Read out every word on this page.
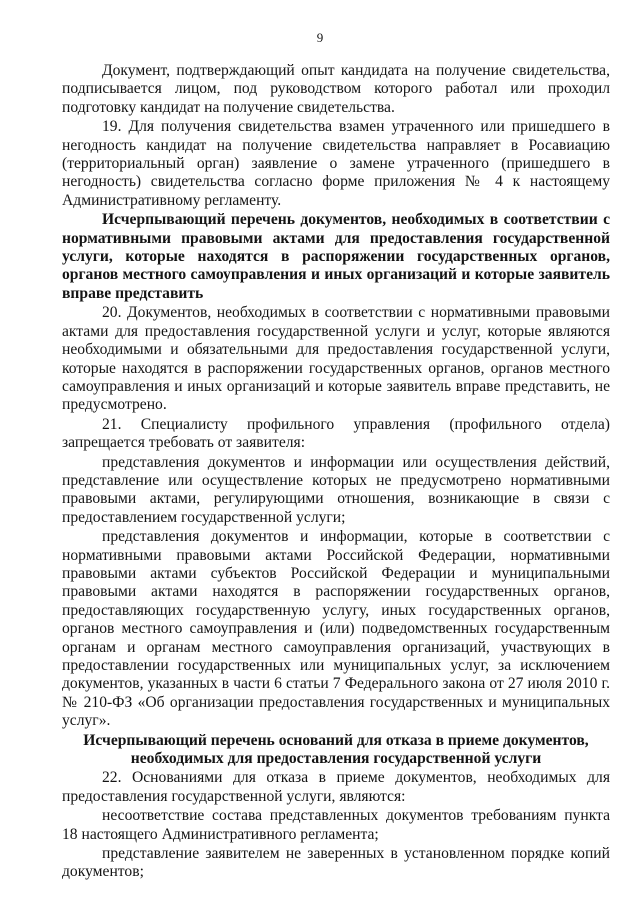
9

Документ, подтверждающий опыт кандидата на получение свидетельства, подписывается лицом, под руководством которого работал или проходил подготовку кандидат на получение свидетельства.

19. Для получения свидетельства взамен утраченного или пришедшего в негодность кандидат на получение свидетельства направляет в Росавиацию (территориальный орган) заявление о замене утраченного (пришедшего в негодность) свидетельства согласно форме приложения № 4 к настоящему Административному регламенту.

Исчерпывающий перечень документов, необходимых в соответствии с нормативными правовыми актами для предоставления государственной услуги, которые находятся в распоряжении государственных органов, органов местного самоуправления и иных организаций и которые заявитель вправе представить

20. Документов, необходимых в соответствии с нормативными правовыми актами для предоставления государственной услуги и услуг, которые являются необходимыми и обязательными для предоставления государственной услуги, которые находятся в распоряжении государственных органов, органов местного самоуправления и иных организаций и которые заявитель вправе представить, не предусмотрено.

21. Специалисту профильного управления (профильного отдела) запрещается требовать от заявителя:

представления документов и информации или осуществления действий, представление или осуществление которых не предусмотрено нормативными правовыми актами, регулирующими отношения, возникающие в связи с предоставлением государственной услуги;

представления документов и информации, которые в соответствии с нормативными правовыми актами Российской Федерации, нормативными правовыми актами субъектов Российской Федерации и муниципальными правовыми актами находятся в распоряжении государственных органов, предоставляющих государственную услугу, иных государственных органов, органов местного самоуправления и (или) подведомственных государственным органам и органам местного самоуправления организаций, участвующих в предоставлении государственных или муниципальных услуг, за исключением документов, указанных в части 6 статьи 7 Федерального закона от 27 июля 2010 г. № 210-ФЗ «Об организации предоставления государственных и муниципальных услуг».

Исчерпывающий перечень оснований для отказа в приеме документов, необходимых для предоставления государственной услуги

22. Основаниями для отказа в приеме документов, необходимых для предоставления государственной услуги, являются:

несоответствие состава представленных документов требованиям пункта 18 настоящего Административного регламента;

представление заявителем не заверенных в установленном порядке копий документов;
